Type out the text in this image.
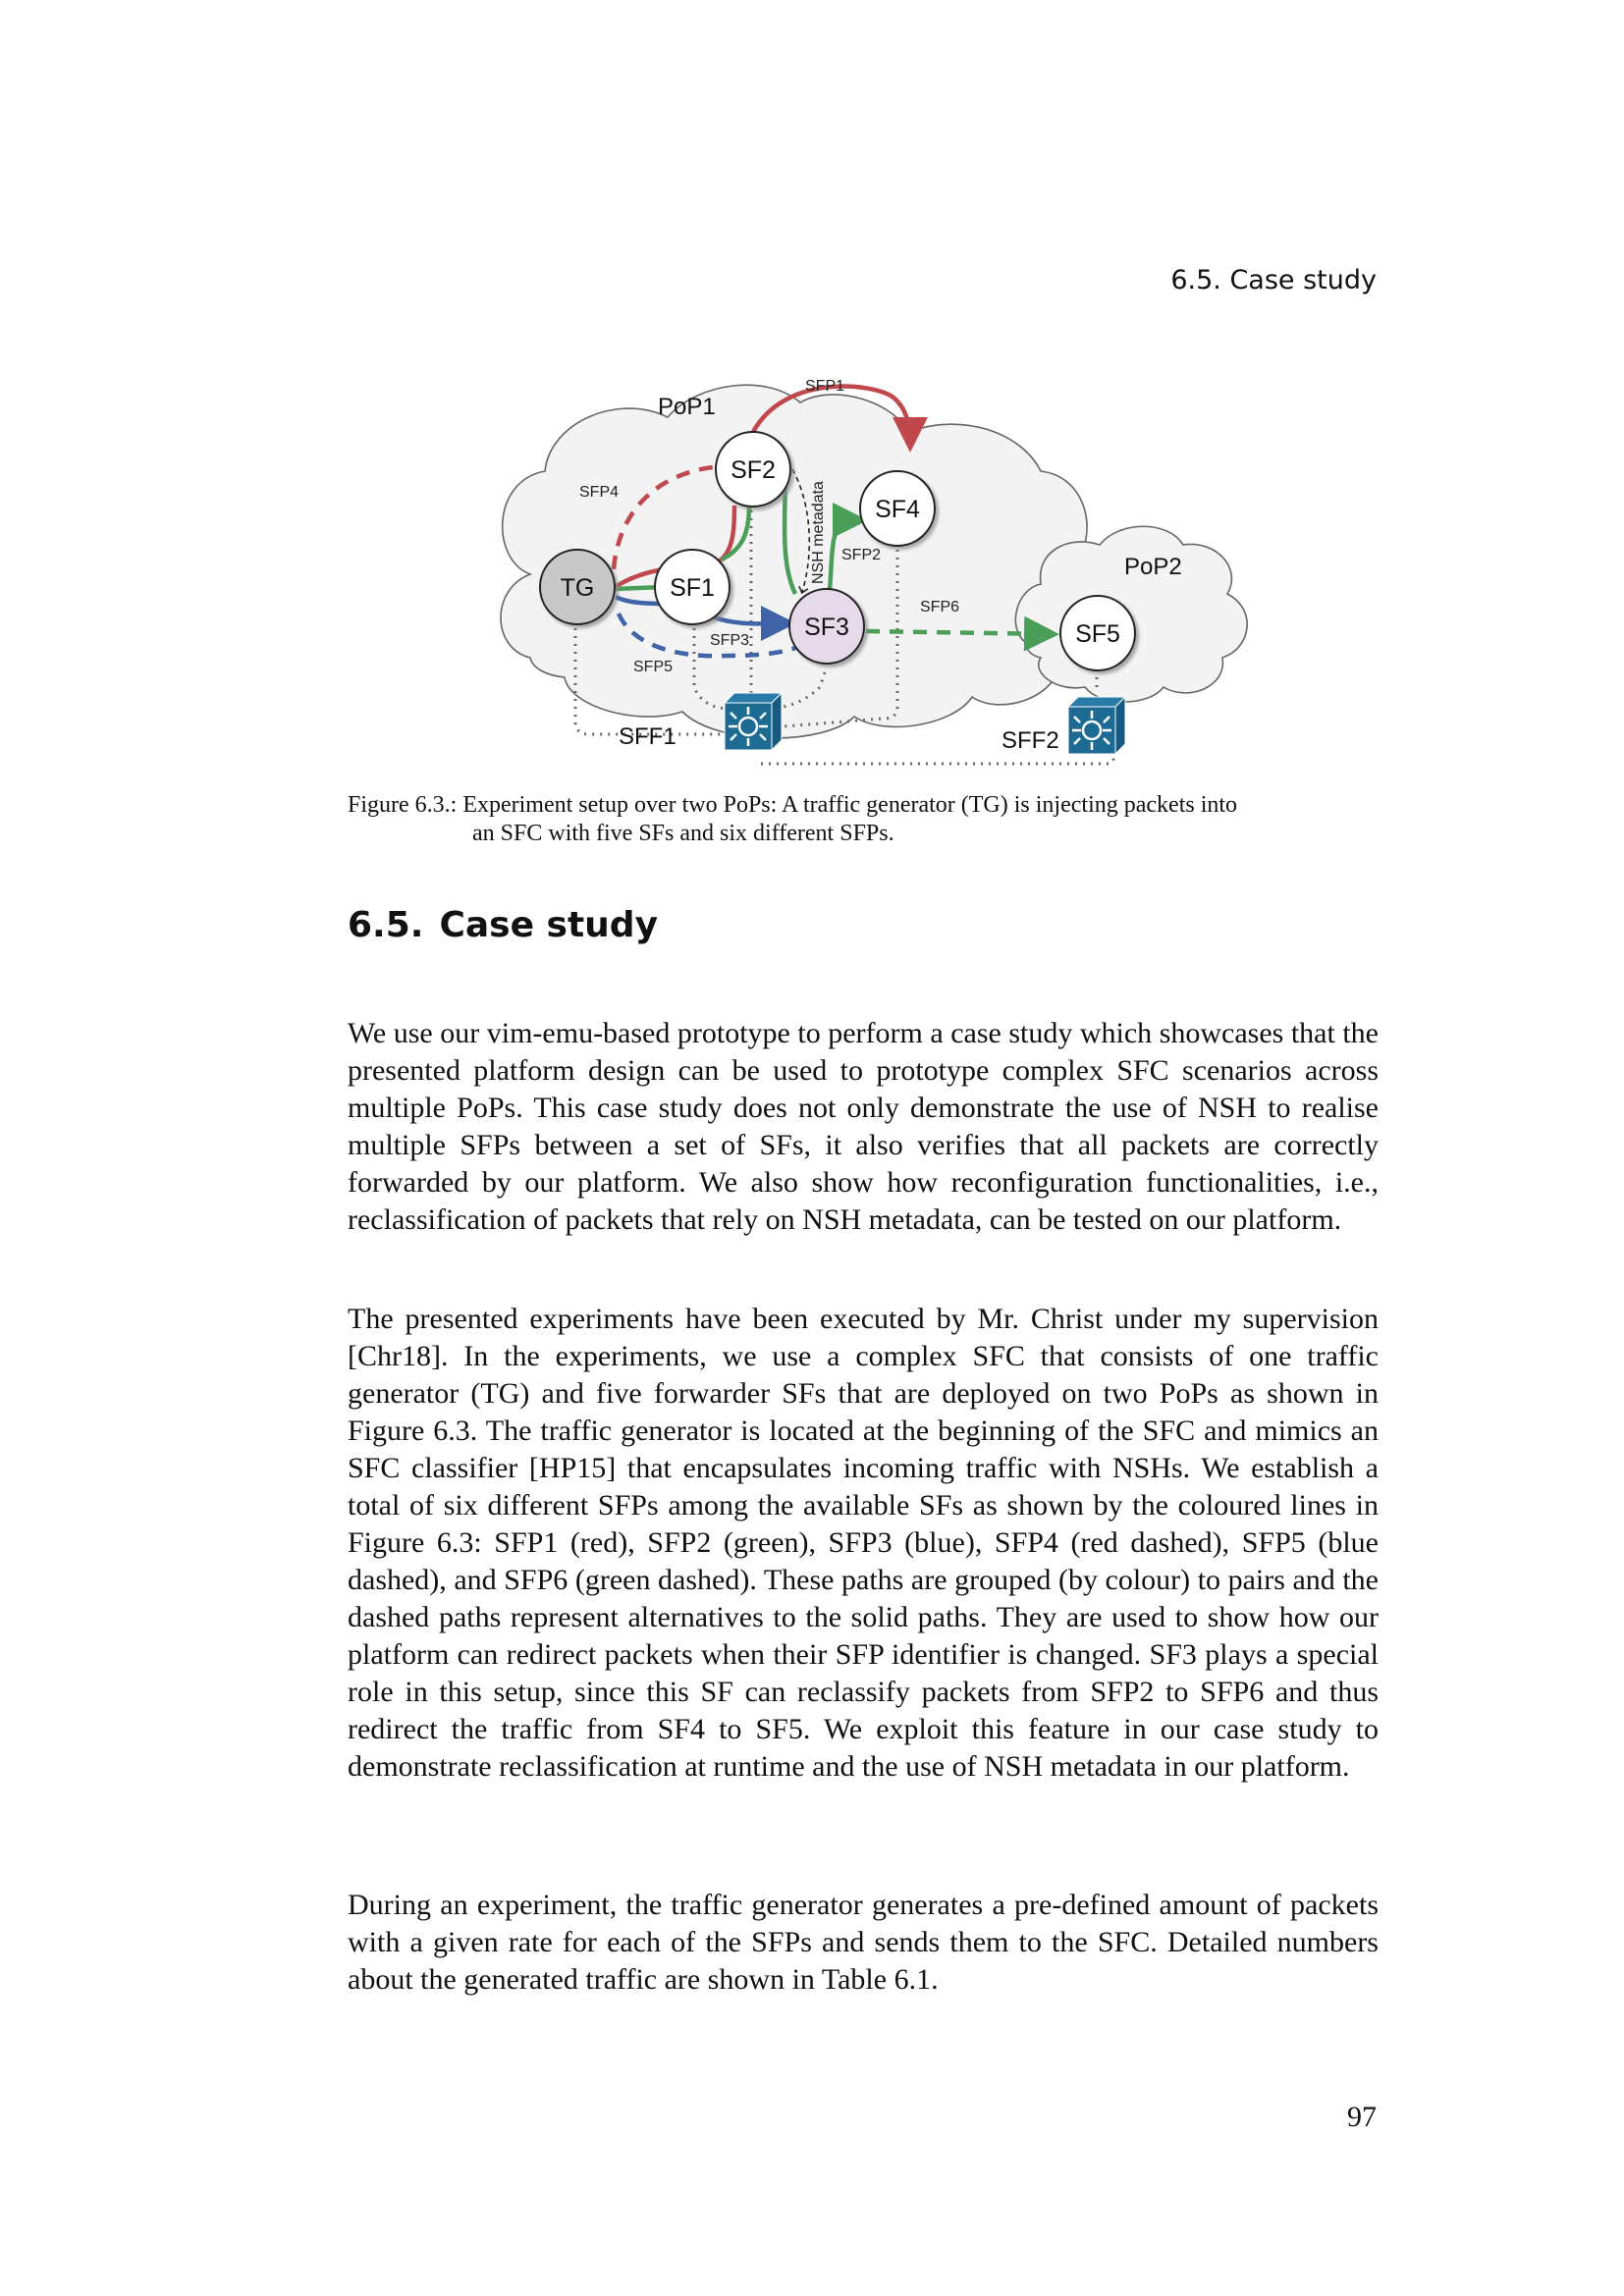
6.5. Case study
PoP1
PoP2
NSH metadata
SFP1
SFP2
SFP3
SFP4
SFP5
SFP6
TG	SF1
SF2
SF3
SF4
SF5
SFF1	SFF2
Figure 6.3.: Experiment setup over two PoPs: A traffic generator (TG) is injecting packets into
an SFC with five SFs and six different SFPs.
6.5. Case study

We use our vim-emu-based prototype to perform a case study which showcases that the presented platform design can be used to prototype complex SFC scenarios across multiple PoPs. This case study does not only demonstrate the use of NSH to realise multiple SFPs between a set of SFs, it also verifies that all packets are correctly forwarded by our platform. We also show how reconfiguration functionalities, i.e., reclassification of packets that rely on NSH metadata, can be tested on our platform.

The presented experiments have been executed by Mr. Christ under my supervision [Chr18]. In the experiments, we use a complex SFC that consists of one traffic generator (TG) and five forwarder SFs that are deployed on two PoPs as shown in Figure 6.3. The traffic generator is located at the beginning of the SFC and mimics an SFC classifier [HP15] that encapsulates incoming traffic with NSHs. We establish a total of six different SFPs among the available SFs as shown by the coloured lines in Figure 6.3: SFP1 (red), SFP2 (green), SFP3 (blue), SFP4 (red dashed), SFP5 (blue dashed), and SFP6 (green dashed). These paths are grouped (by colour) to pairs and the dashed paths represent alternatives to the solid paths. They are used to show how our platform can redirect packets when their SFP identifier is changed. SF3 plays a special role in this setup, since this SF can reclassify packets from SFP2 to SFP6 and thus redirect the traffic from SF4 to SF5. We exploit this feature in our case study to demonstrate reclassification at runtime and the use of NSH metadata in our platform.

During an experiment, the traffic generator generates a pre-defined amount of packets with a given rate for each of the SFPs and sends them to the SFC. Detailed numbers about the generated traffic are shown in Table 6.1.

97
